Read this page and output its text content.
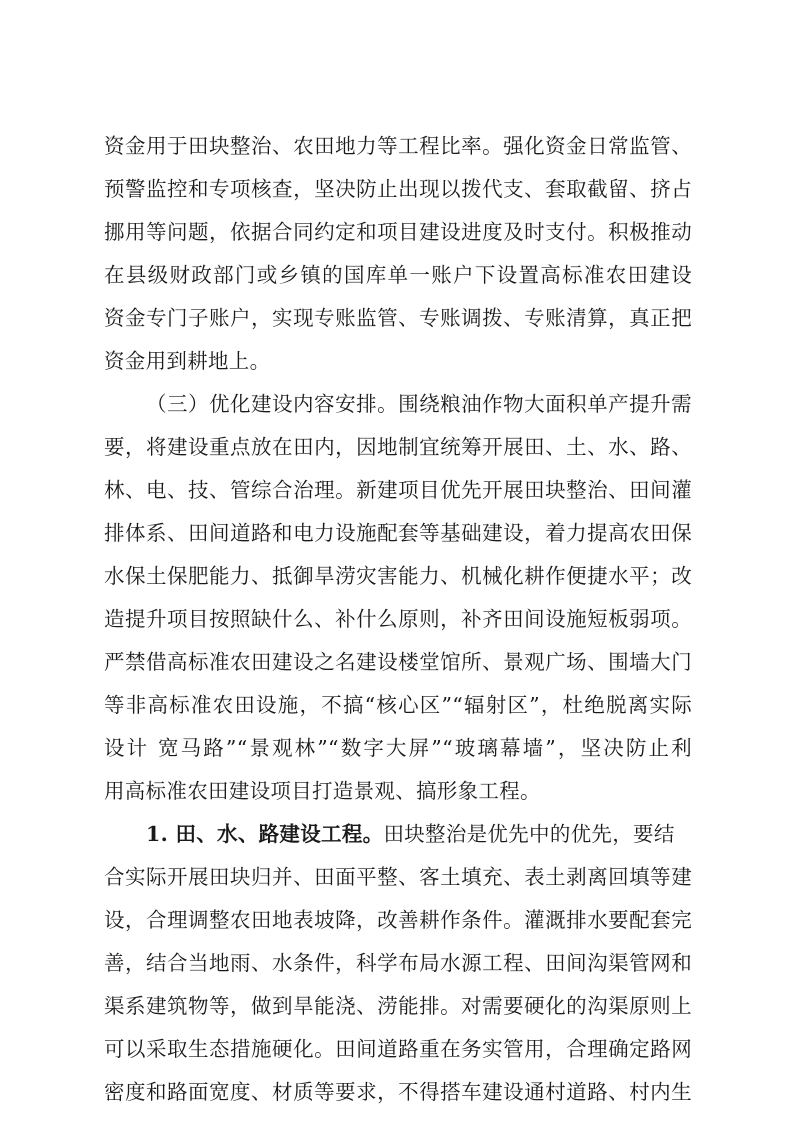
资金用于田块整治、农田地力等工程比率。强化资金日常监管、
预警监控和专项核查，坚决防止出现以拨代支、套取截留、挤占
挪用等问题，依据合同约定和项目建设进度及时支付。积极推动
在县级财政部门或乡镇的国库单一账户下设置高标准农田建设
资金专门子账户，实现专账监管、专账调拨、专账清算，真正把
资金用到耕地上。
（三）优化建设内容安排。围绕粮油作物大面积单产提升需
要，将建设重点放在田内，因地制宜统筹开展田、土、水、路、
林、电、技、管综合治理。新建项目优先开展田块整治、田间灌
排体系、田间道路和电力设施配套等基础建设，着力提高农田保
水保土保肥能力、抵御旱涝灾害能力、机械化耕作便捷水平；改
造提升项目按照缺什么、补什么原则，补齐田间设施短板弱项。
严禁借高标准农田建设之名建设楼堂馆所、景观广场、围墙大门
等非高标准农田设施，不搞“核心区”“辐射区”，杜绝脱离实际
设计 宽马路”“景观林”“数字大屏”“玻璃幕墙”，坚决防止利
用高标准农田建设项目打造景观、搞形象工程。
1. 田、水、路建设工程。田块整治是优先中的优先，要结
合实际开展田块归并、田面平整、客土填充、表土剥离回填等建
设，合理调整农田地表坡降，改善耕作条件。灌溉排水要配套完
善，结合当地雨、水条件，科学布局水源工程、田间沟渠管网和
渠系建筑物等，做到旱能浇、涝能排。对需要硬化的沟渠原则上
可以采取生态措施硬化。田间道路重在务实管用，合理确定路网
密度和路面宽度、材质等要求，不得搭车建设通村道路、村内生
